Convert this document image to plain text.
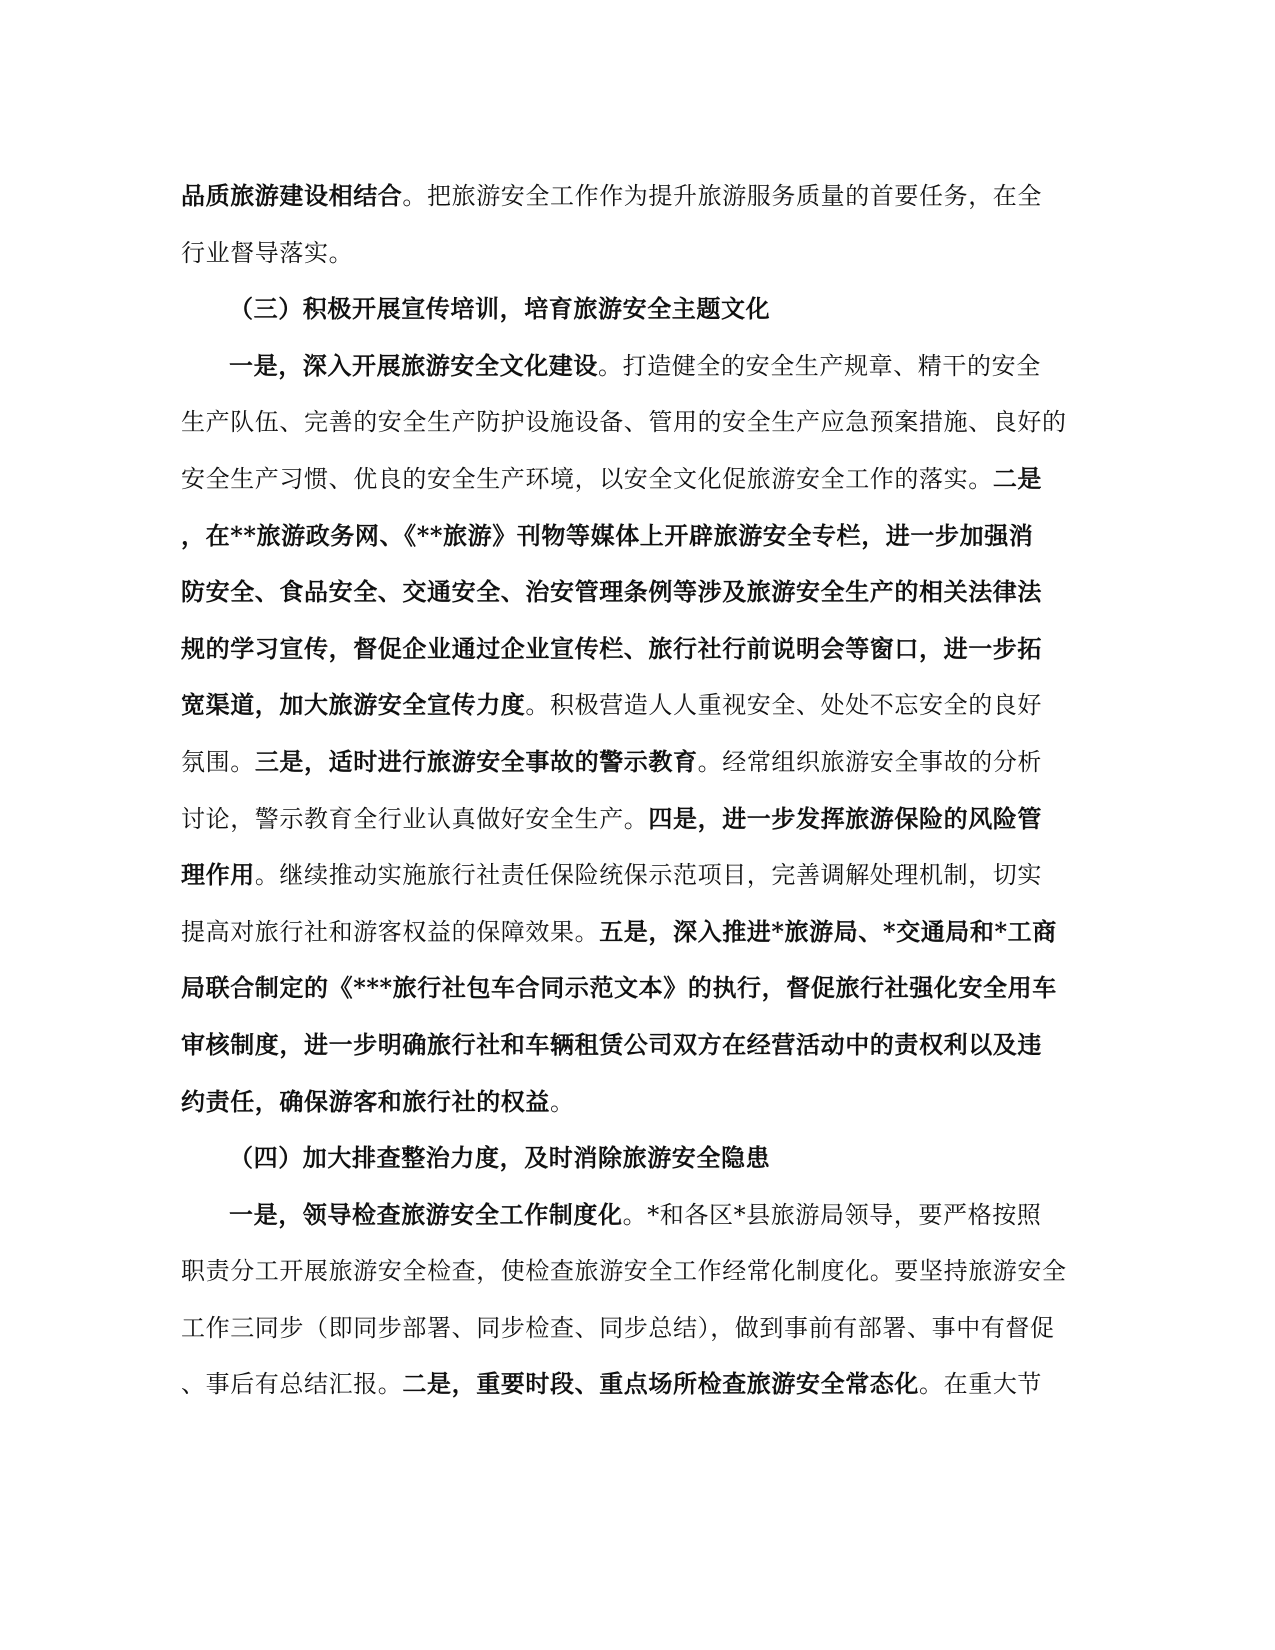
品质旅游建设相结合。把旅游安全工作作为提升旅游服务质量的首要任务，在全
行业督导落实。
（三）积极开展宣传培训，培育旅游安全主题文化
一是，深入开展旅游安全文化建设。打造健全的安全生产规章、精干的安全
生产队伍、完善的安全生产防护设施设备、管用的安全生产应急预案措施、良好的
安全生产习惯、优良的安全生产环境，以安全文化促旅游安全工作的落实。二是
，在**旅游政务网、《**旅游》刊物等媒体上开辟旅游安全专栏，进一步加强消
防安全、食品安全、交通安全、治安管理条例等涉及旅游安全生产的相关法律法
规的学习宣传，督促企业通过企业宣传栏、旅行社行前说明会等窗口，进一步拓
宽渠道，加大旅游安全宣传力度。积极营造人人重视安全、处处不忘安全的良好
氛围。三是，适时进行旅游安全事故的警示教育。经常组织旅游安全事故的分析
讨论，警示教育全行业认真做好安全生产。四是，进一步发挥旅游保险的风险管
理作用。继续推动实施旅行社责任保险统保示范项目，完善调解处理机制，切实
提高对旅行社和游客权益的保障效果。五是，深入推进*旅游局、*交通局和*工商
局联合制定的《***旅行社包车合同示范文本》的执行，督促旅行社强化安全用车
审核制度，进一步明确旅行社和车辆租赁公司双方在经营活动中的责权利以及违
约责任，确保游客和旅行社的权益。
（四）加大排查整治力度，及时消除旅游安全隐患
一是，领导检查旅游安全工作制度化。*和各区*县旅游局领导，要严格按照
职责分工开展旅游安全检查，使检查旅游安全工作经常化制度化。要坚持旅游安全
工作三同步（即同步部署、同步检查、同步总结），做到事前有部署、事中有督促
、事后有总结汇报。二是，重要时段、重点场所检查旅游安全常态化。在重大节
